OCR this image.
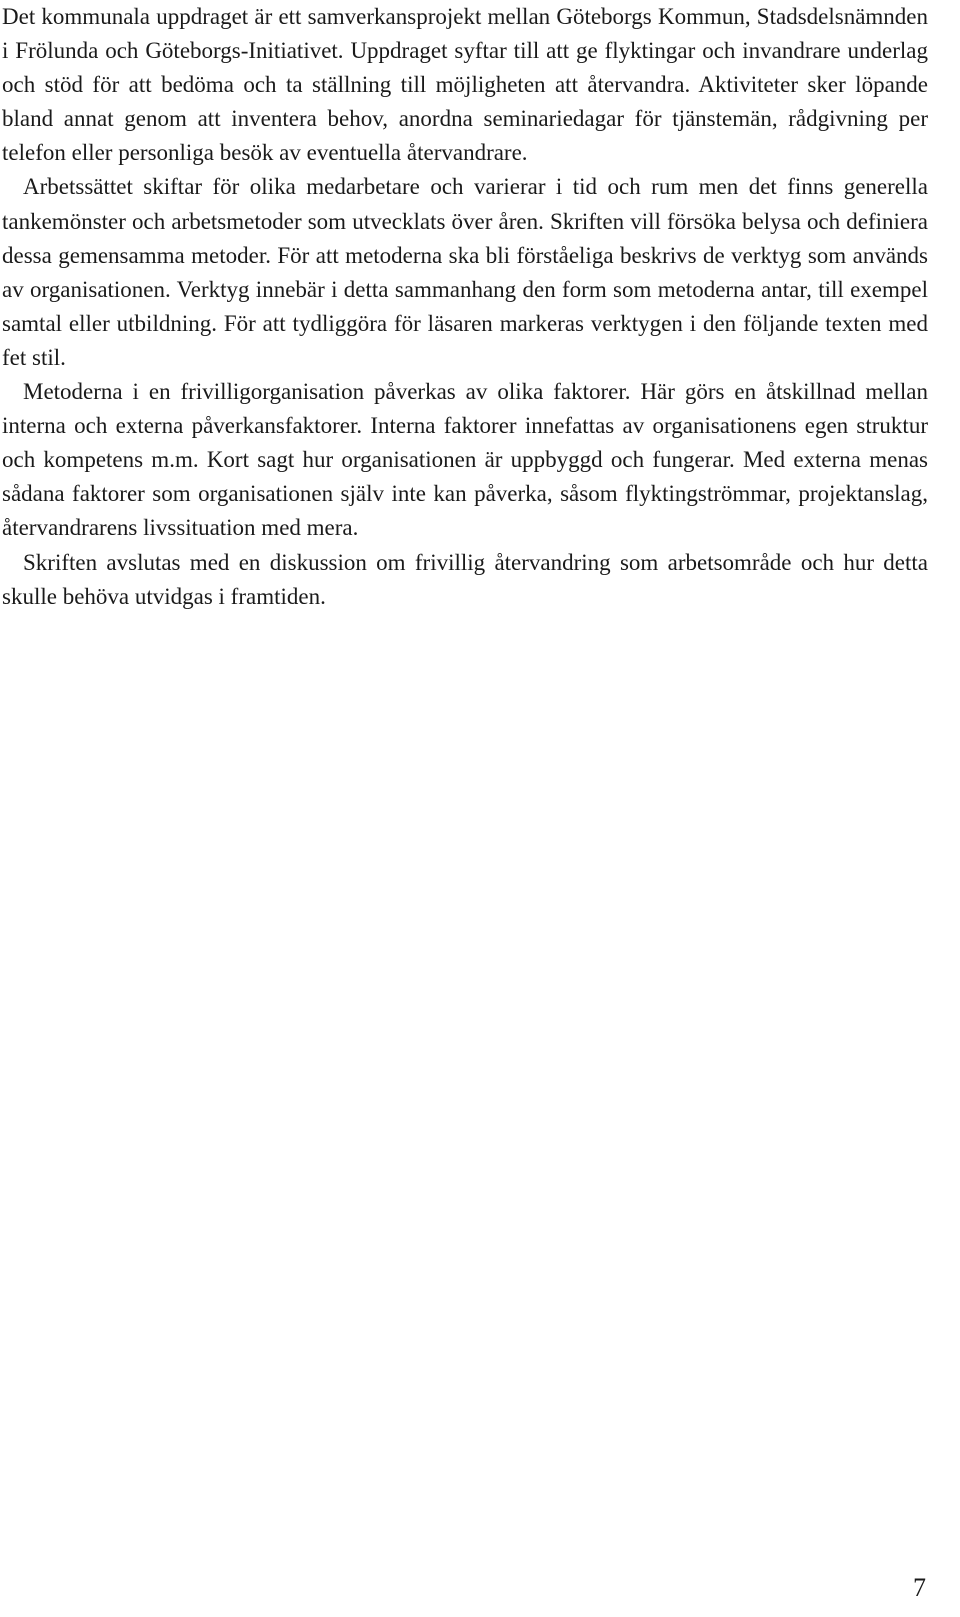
Det kommunala uppdraget är ett samverkansprojekt mellan Göteborgs Kommun, Stadsdelsnämnden i Frölunda och Göteborgs-Initiativet. Uppdraget syftar till att ge flyktingar och invandrare underlag och stöd för att bedöma och ta ställning till möjligheten att återvandra. Aktiviteter sker löpande bland annat genom att inventera behov, anordna seminariedagar för tjänstemän, rådgivning per telefon eller personliga besök av eventuella återvandrare.

Arbetssättet skiftar för olika medarbetare och varierar i tid och rum men det finns generella tankemönster och arbetsmetoder som utvecklats över åren. Skriften vill försöka belysa och definiera dessa gemensamma metoder. För att metoderna ska bli förståeliga beskrivs de verktyg som används av organisationen. Verktyg innebär i detta sammanhang den form som metoderna antar, till exempel samtal eller utbildning. För att tydliggöra för läsaren markeras verktygen i den följande texten med fet stil.

Metoderna i en frivilligorganisation påverkas av olika faktorer. Här görs en åtskillnad mellan interna och externa påverkansfaktorer. Interna faktorer innefattas av organisationens egen struktur och kompetens m.m. Kort sagt hur organisationen är uppbyggd och fungerar. Med externa menas sådana faktorer som organisationen själv inte kan påverka, såsom flyktingströmmar, projektanslag, återvandrarens livssituation med mera.

Skriften avslutas med en diskussion om frivillig återvandring som arbetsområde och hur detta skulle behöva utvidgas i framtiden.

7
